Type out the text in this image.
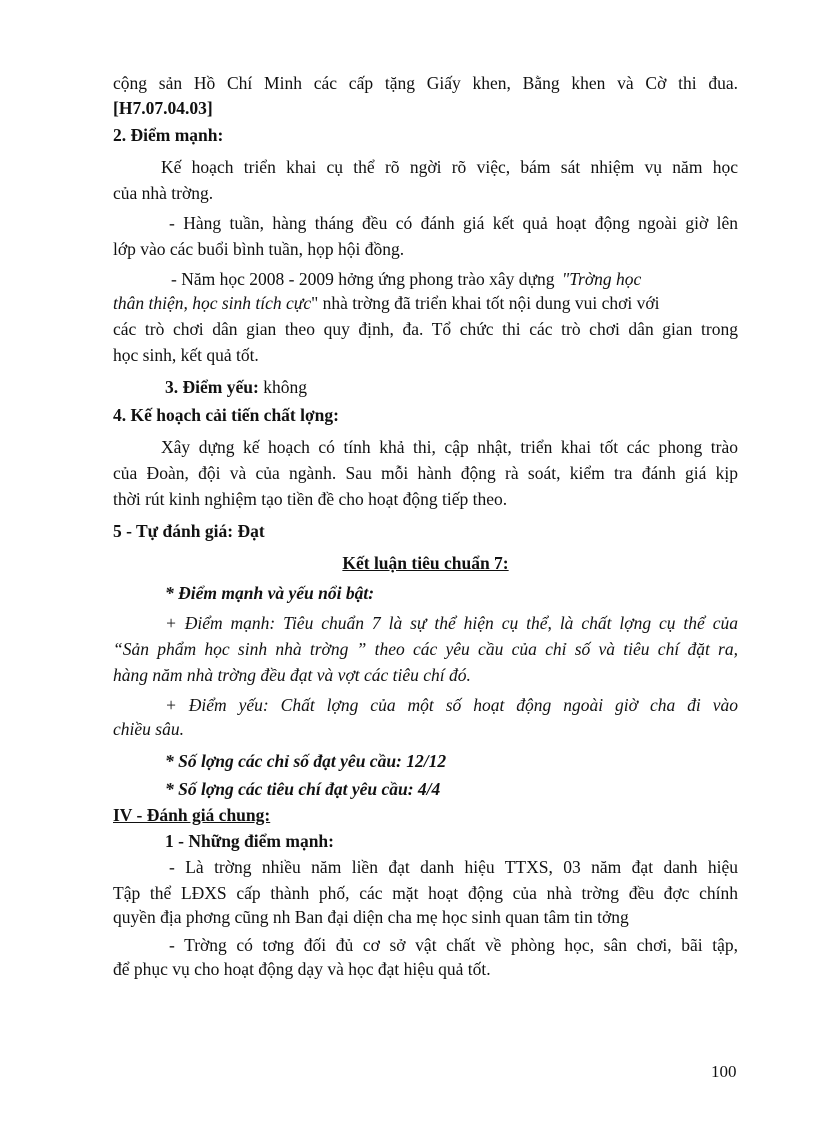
cộng sản Hồ Chí Minh các cấp tặng Giấy khen, Bằng khen và Cờ thi đua.
[H7.07.04.03]
2. Điểm mạnh:
Kế hoạch triển khai cụ thể rõ ngời rõ việc, bám sát nhiệm vụ năm học
của nhà trờng.
- Hàng tuần, hàng tháng đều có đánh giá kết quả hoạt động ngoài giờ lên
lớp vào các buổi bình tuần, họp hội đồng.
- Năm học 2008 - 2009 hởng ứng phong trào xây dựng "Trờng học
thân thiện, học sinh tích cực" nhà trờng đã triển khai tốt nội dung vui chơi với
các trò chơi dân gian theo quy định, đa. Tổ chức thi các trò chơi dân gian trong
học sinh, kết quả tốt.
3. Điểm yếu: không
4. Kế hoạch cải tiến chất lợng:
Xây dựng kế hoạch có tính khả thi, cập nhật, triển khai tốt các phong trào
của Đoàn, đội và của ngành. Sau mỗi hành động rà soát, kiểm tra đánh giá kịp
thời rút kinh nghiệm tạo tiền đề cho hoạt động tiếp theo.
5 - Tự đánh giá: Đạt
Kết luận tiêu chuẩn 7:
* Điểm mạnh và yếu nổi bật:
+ Điểm mạnh: Tiêu chuẩn 7 là sự thể hiện cụ thể, là chất lợng cụ thể của
“Sản phẩm học sinh nhà trờng ” theo các yêu cầu của chỉ số và tiêu chí đặt ra,
hàng năm nhà trờng đều đạt và vợt các tiêu chí đó.
+ Điểm yếu: Chất lợng của một số hoạt động ngoài giờ cha đi vào
chiều sâu.
* Số lợng các chỉ số đạt yêu cầu: 12/12
* Số lợng các tiêu chí đạt yêu cầu: 4/4
IV - Đánh giá chung:
1 - Những điểm mạnh:
- Là trờng nhiều năm liền đạt danh hiệu TTXS, 03 năm đạt danh hiệu
Tập thể LĐXS cấp thành phố, các mặt hoạt động của nhà trờng đều đợc chính
quyền địa phơng cũng nh Ban đại diện cha mẹ học sinh quan tâm tin tởng
- Trờng có tơng đối đủ cơ sở vật chất về phòng học, sân chơi, bãi tập,
để phục vụ cho hoạt động dạy và học đạt hiệu quả tốt.
100
